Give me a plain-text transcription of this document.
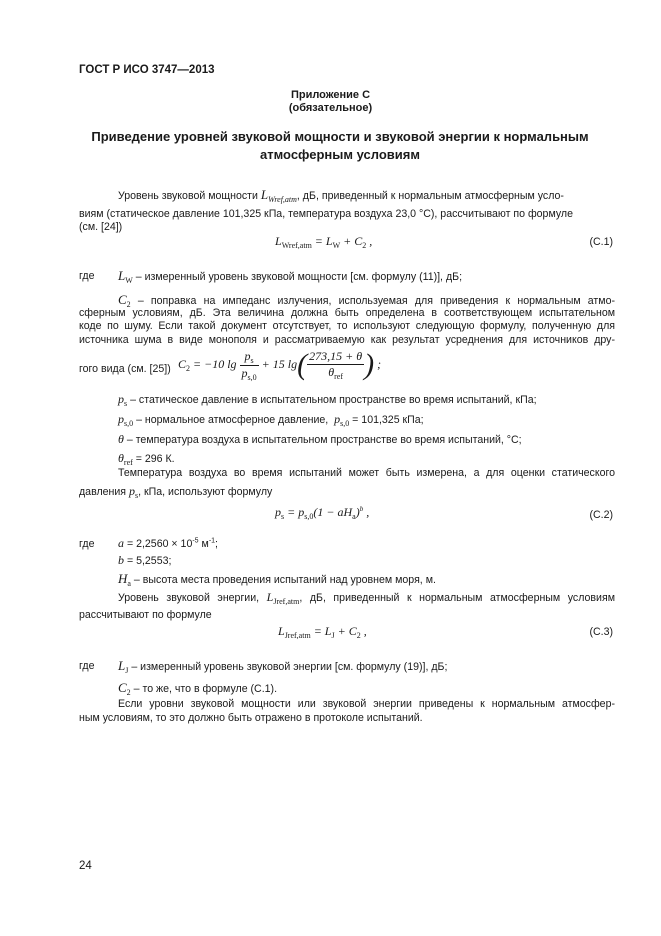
ГОСТ Р ИСО 3747—2013
Приложение C
(обязательное)
Приведение уровней звуковой мощности и звуковой энергии к нормальным
атмосферным условиям
Уровень звуковой мощности $L_{Wref,atm}$, дБ, приведенный к нормальным атмосферным усло-
виям (статическое давление 101,325 кПа, температура воздуха 23,0 °С), рассчитывают по формуле
(см. [24])
$L_{Wref,atm} = L_W + C_2$ ,	(C.1)
где $L_W$ – измеренный уровень звуковой мощности [см. формулу (11)], дБ;
$C_2$ – поправка на импеданс излучения, используемая для приведения к нормальным атмо-
сферным условиям, дБ. Эта величина должна быть определена в соответствующем испытательном
коде по шуму. Если такой документ отсутствует, то используют следующую формулу, полученную для
источника шума в виде монополя и рассматриваемую как результат усреднения для источников дру-
гого вида (см. [25]) $C_2 = -10$ $\lg \frac{p_s}{p_{s,0}} + 15$ $\lg( \frac{273,15 + \theta}{\theta_{ref}}$ ) ;
$p_s$ – статическое давление в испытательном пространстве во время испытаний, кПа;
$p_{s,0}$ – нормальное атмосферное давление, $p_{s,0} = 101,325$ кПа;
θ – температура воздуха в испытательном пространстве во время испытаний, °С;
$\theta_{ref} = 296$ К.
Температура воздуха во время испытаний может быть измерена, а для оценки статического
давления $p_s$, кПа, используют формулу
$p_s = p_{s,0}(1 - aH_a)^b$ ,	(C.2)
где $a = 2,2560 \times 10^{-5}$ $м^{-1}$;
b = 5,2553;
$H_a$ – высота места проведения испытаний над уровнем моря, м.
Уровень звуковой энергии, $L_{Jref,atm}$, дБ, приведенный к нормальным атмосферным условиям
рассчитывают по формуле
$L_{Jref,atm} = L_J + C_2$ ,	(C.3)
где $L_J$ – измеренный уровень звуковой энергии [см. формулу (19)], дБ;
$C_2$ – то же, что в формуле (C.1).
Если уровни звуковой мощности или звуковой энергии приведены к нормальным атмосфер-
ным условиям, то это должно быть отражено в протоколе испытаний.
24
